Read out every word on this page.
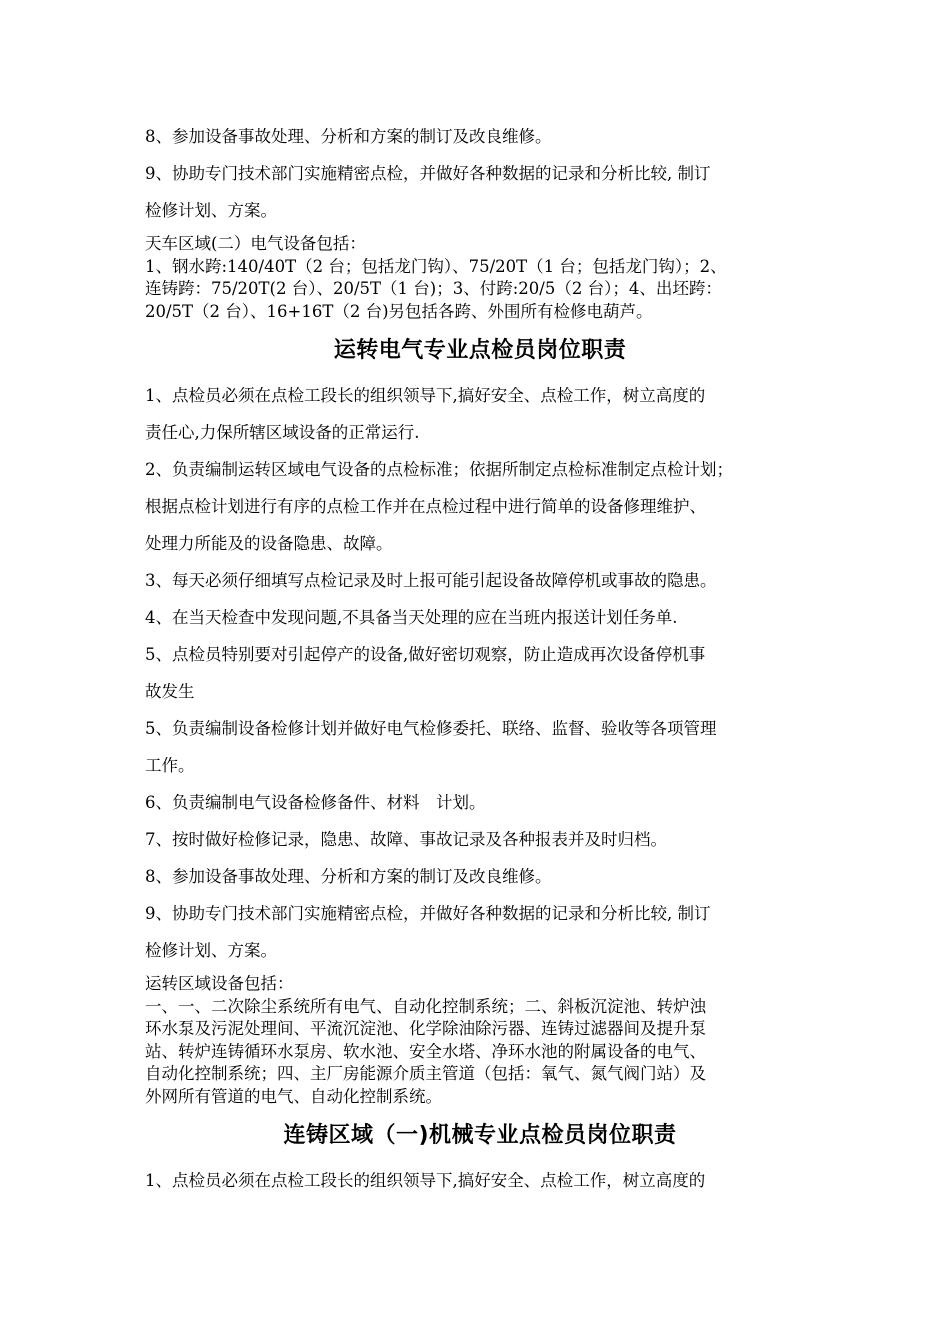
8、参加设备事故处理、分析和方案的制订及改良维修。

9、协助专门技术部门实施精密点检，并做好各种数据的记录和分析比较, 制订

检修计划、方案。

天车区域(二）电气设备包括：
1、钢水跨:140/40T（2 台；包括龙门钩）、75/20T（1 台；包括龙门钩）；2、
连铸跨：75/20T(2 台）、20/5T（1 台)；3、付跨:20/5（2 台）；4、出坯跨：
20/5T（2 台）、16+16T（2 台)另包括各跨、外围所有检修电葫芦。
运转电气专业点检员岗位职责

1、点检员必须在点检工段长的组织领导下,搞好安全、点检工作，树立高度的

责任心,力保所辖区域设备的正常运行.

2、负责编制运转区域电气设备的点检标准；依据所制定点检标准制定点检计划；

根据点检计划进行有序的点检工作并在点检过程中进行简单的设备修理维护、

处理力所能及的设备隐患、故障。

3、每天必须仔细填写点检记录及时上报可能引起设备故障停机或事故的隐患。

4、在当天检查中发现问题,不具备当天处理的应在当班内报送计划任务单.

5、点检员特别要对引起停产的设备,做好密切观察，防止造成再次设备停机事

故发生

5、负责编制设备检修计划并做好电气检修委托、联络、监督、验收等各项管理

工作。

6、负责编制电气设备检修备件、材料　计划。

7、按时做好检修记录，隐患、故障、事故记录及各种报表并及时归档。

8、参加设备事故处理、分析和方案的制订及改良维修。

9、协助专门技术部门实施精密点检，并做好各种数据的记录和分析比较, 制订

检修计划、方案。

运转区域设备包括：
一、一、二次除尘系统所有电气、自动化控制系统；二、斜板沉淀池、转炉浊
环水泵及污泥处理间、平流沉淀池、化学除油除污器、连铸过滤器间及提升泵
站、转炉连铸循环水泵房、软水池、安全水塔、净环水池的附属设备的电气、
自动化控制系统；四、主厂房能源介质主管道（包括：氧气、氮气阀门站）及
外网所有管道的电气、自动化控制系统。
连铸区域（一)机械专业点检员岗位职责

1、点检员必须在点检工段长的组织领导下,搞好安全、点检工作，树立高度的
